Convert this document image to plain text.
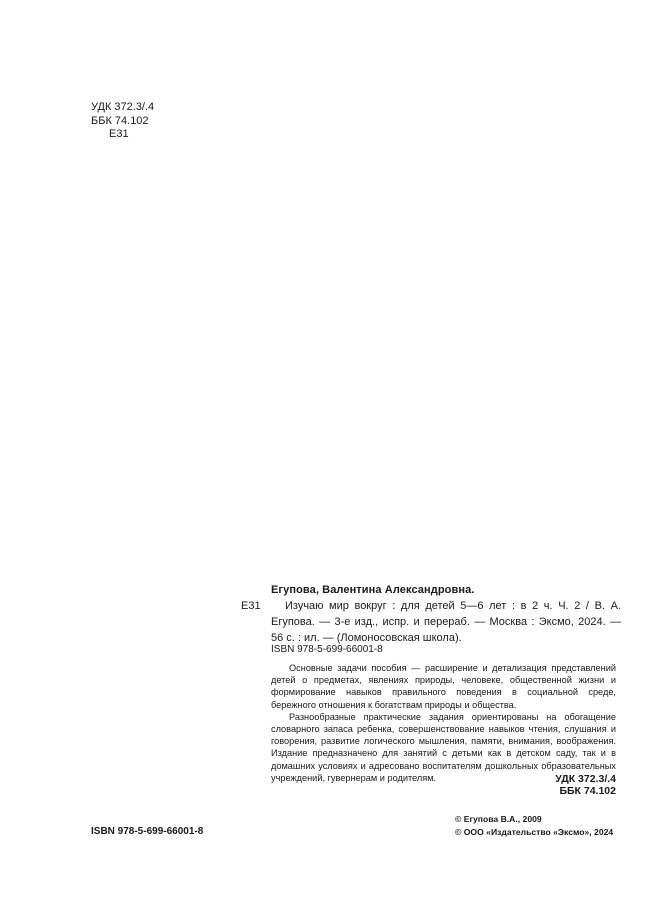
УДК 372.3/.4
ББК 74.102
Е31
Е31
Егупова, Валентина Александровна.

Изучаю мир вокруг : для детей 5—6 лет : в 2 ч. Ч. 2 / В. А. Егупова. — 3-е изд., испр. и перераб. — Москва : Эксмо, 2024. — 56 с. : ил. — (Ломоносовская школа).

ISBN 978-5-699-66001-8

Основные задачи пособия — расширение и детализация представлений детей о предметах, явлениях природы, человеке, общественной жизни и формирование навыков правильного поведения в социальной среде, бережного отношения к богатствам природы и общества.

Разнообразные практические задания ориентированы на обогащение словарного запаса ребенка, совершенствование навыков чтения, слушания и говорения, развитие логического мышления, памяти, внимания, воображения. Издание предназначено для занятий с детьми как в детском саду, так и в домашних условиях и адресовано воспитателям дошкольных образовательных учреждений, гувернерам и родителям.	УДК 372.3/.4
ББК 74.102
ISBN 978-5-699-66001-8
© Егупова В.А., 2009
© ООО «Издательство «Эксмо», 2024
